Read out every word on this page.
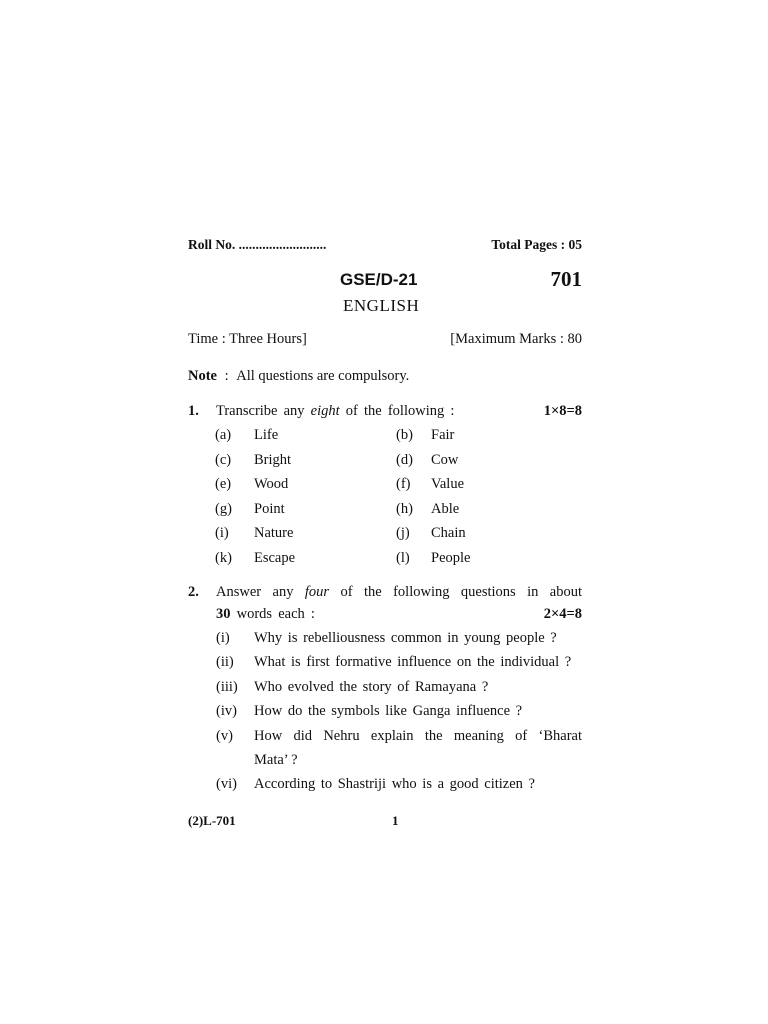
Roll No. ..........................	Total Pages : 05
GSE/D-21	701
ENGLISH
Time : Three Hours]	[Maximum Marks : 80
Note : All questions are compulsory.
1. Transcribe any eight of the following :	1×8=8
(a) Life	(b) Fair
(c) Bright	(d) Cow
(e) Wood	(f) Value
(g) Point	(h) Able
(i) Nature	(j) Chain
(k) Escape	(l) People
2. Answer any four of the following questions in about
30 words each :	2×4=8
(i) Why is rebelliousness common in young people ?
(ii) What is first formative influence on the individual ?
(iii) Who evolved the story of Ramayana ?
(iv) How do the symbols like Ganga influence ?
(v) How did Nehru explain the meaning of ‘Bharat
(vi) According to Shastriji who is a good citizen ?
Mata’ ?
(2)L-701	1
